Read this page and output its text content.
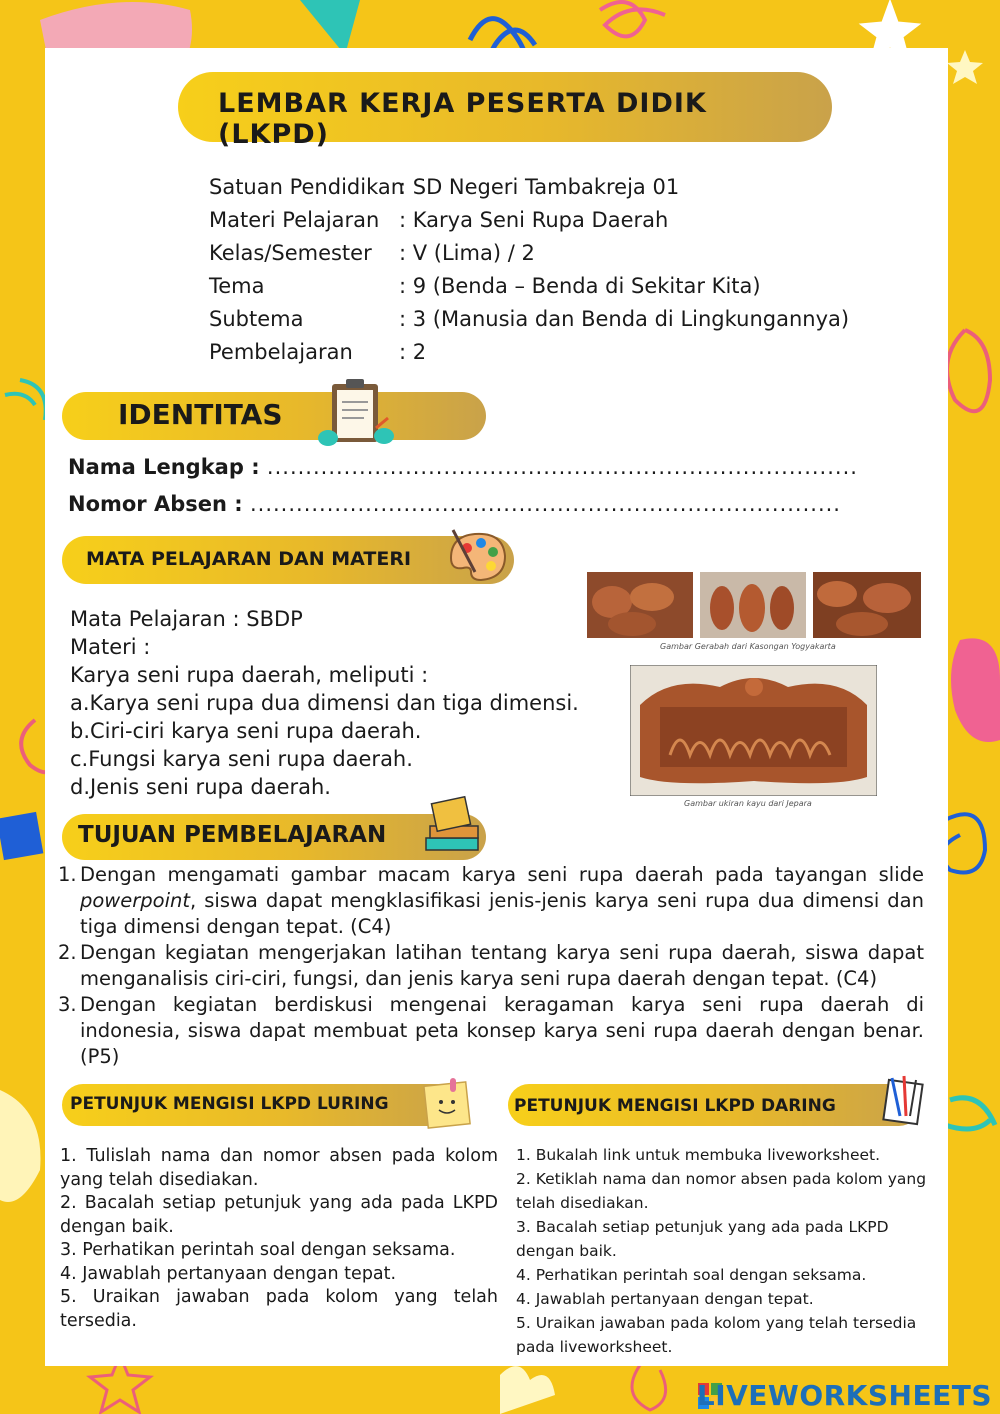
LEMBAR KERJA PESERTA DIDIK (LKPD)
Satuan Pendidikan
: SD Negeri Tambakreja 01
Materi Pelajaran : Karya Seni Rupa Daerah
Kelas/Semester	: V (Lima) / 2
Tema	: 9 (Benda – Benda di Sekitar Kita)
Subtema	: 3 (Manusia dan Benda di Lingkungannya)
Pembelajaran	: 2
IDENTITAS
Nama Lengkap : .............................................................................
Nomor Absen : .............................................................................
MATA PELAJARAN DAN MATERI
Mata Pelajaran : SBDP
Materi :
Karya seni rupa daerah, meliputi :
a.Karya seni rupa dua dimensi dan tiga dimensi.
b.Ciri-ciri karya seni rupa daerah.
c.Fungsi karya seni rupa daerah.
d.Jenis seni rupa daerah.
Gambar Gerabah dari Kasongan Yogyakarta
Gambar ukiran kayu dari Jepara
TUJUAN PEMBELAJARAN
1. Dengan mengamati gambar macam karya seni rupa daerah pada tayangan slide powerpoint, siswa dapat mengklasifikasi jenis-jenis karya seni rupa dua dimensi dan tiga dimensi dengan tepat. (C4)
2. Dengan kegiatan mengerjakan latihan tentang karya seni rupa daerah, siswa dapat menganalisis ciri-ciri, fungsi, dan jenis karya seni rupa daerah dengan tepat. (C4)
3. Dengan kegiatan berdiskusi mengenai keragaman karya seni rupa daerah di indonesia, siswa dapat membuat peta konsep karya seni rupa daerah dengan benar. (P5)
PETUNJUK MENGISI LKPD LURING
1. Tulislah nama dan nomor absen pada kolom yang telah disediakan.
2. Bacalah setiap petunjuk yang ada pada LKPD dengan baik.
3. Perhatikan perintah soal dengan seksama.
4. Jawablah pertanyaan dengan tepat.
5. Uraikan jawaban pada kolom yang telah tersedia.
PETUNJUK MENGISI LKPD DARING
1. Bukalah link untuk membuka liveworksheet.
2. Ketiklah nama dan nomor absen pada kolom yang telah disediakan.
3. Bacalah setiap petunjuk yang ada pada LKPD dengan baik.
4. Perhatikan perintah soal dengan seksama.
4. Jawablah pertanyaan dengan tepat.
5. Uraikan jawaban pada kolom yang telah tersedia pada liveworksheet.
LIVEWORKSHEETS
